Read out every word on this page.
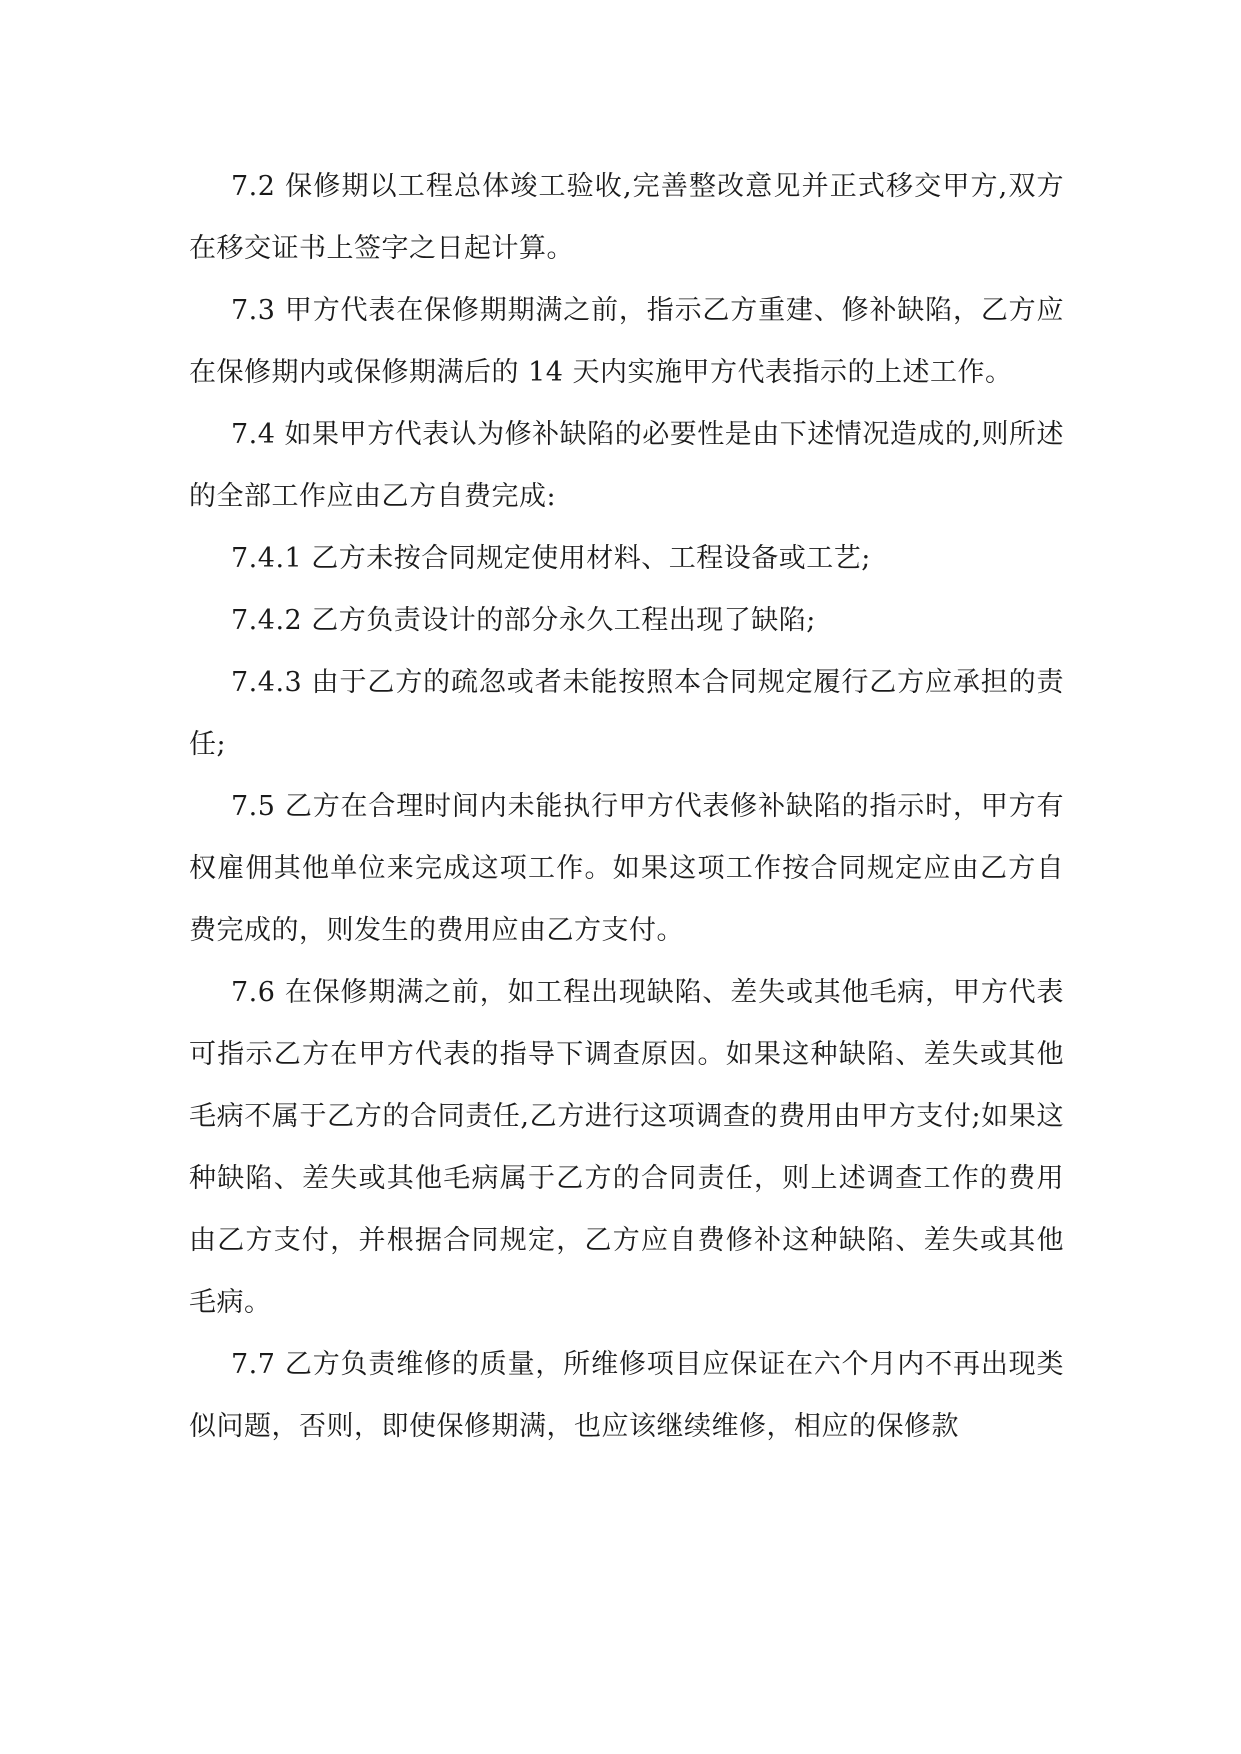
7.2 保修期以工程总体竣工验收,完善整改意见并正式移交甲方,双方在移交证书上签字之日起计算。

7.3 甲方代表在保修期期满之前，指示乙方重建、修补缺陷，乙方应在保修期内或保修期满后的 14 天内实施甲方代表指示的上述工作。

7.4 如果甲方代表认为修补缺陷的必要性是由下述情况造成的,则所述的全部工作应由乙方自费完成:

7.4.1 乙方未按合同规定使用材料、工程设备或工艺;

7.4.2 乙方负责设计的部分永久工程出现了缺陷;

7.4.3 由于乙方的疏忽或者未能按照本合同规定履行乙方应承担的责任;

7.5 乙方在合理时间内未能执行甲方代表修补缺陷的指示时，甲方有权雇佣其他单位来完成这项工作。如果这项工作按合同规定应由乙方自费完成的，则发生的费用应由乙方支付。

7.6 在保修期满之前，如工程出现缺陷、差失或其他毛病，甲方代表可指示乙方在甲方代表的指导下调查原因。如果这种缺陷、差失或其他毛病不属于乙方的合同责任,乙方进行这项调查的费用由甲方支付;如果这种缺陷、差失或其他毛病属于乙方的合同责任，则上述调查工作的费用由乙方支付，并根据合同规定，乙方应自费修补这种缺陷、差失或其他毛病。

7.7 乙方负责维修的质量，所维修项目应保证在六个月内不再出现类似问题，否则，即使保修期满，也应该继续维修，相应的保修款
